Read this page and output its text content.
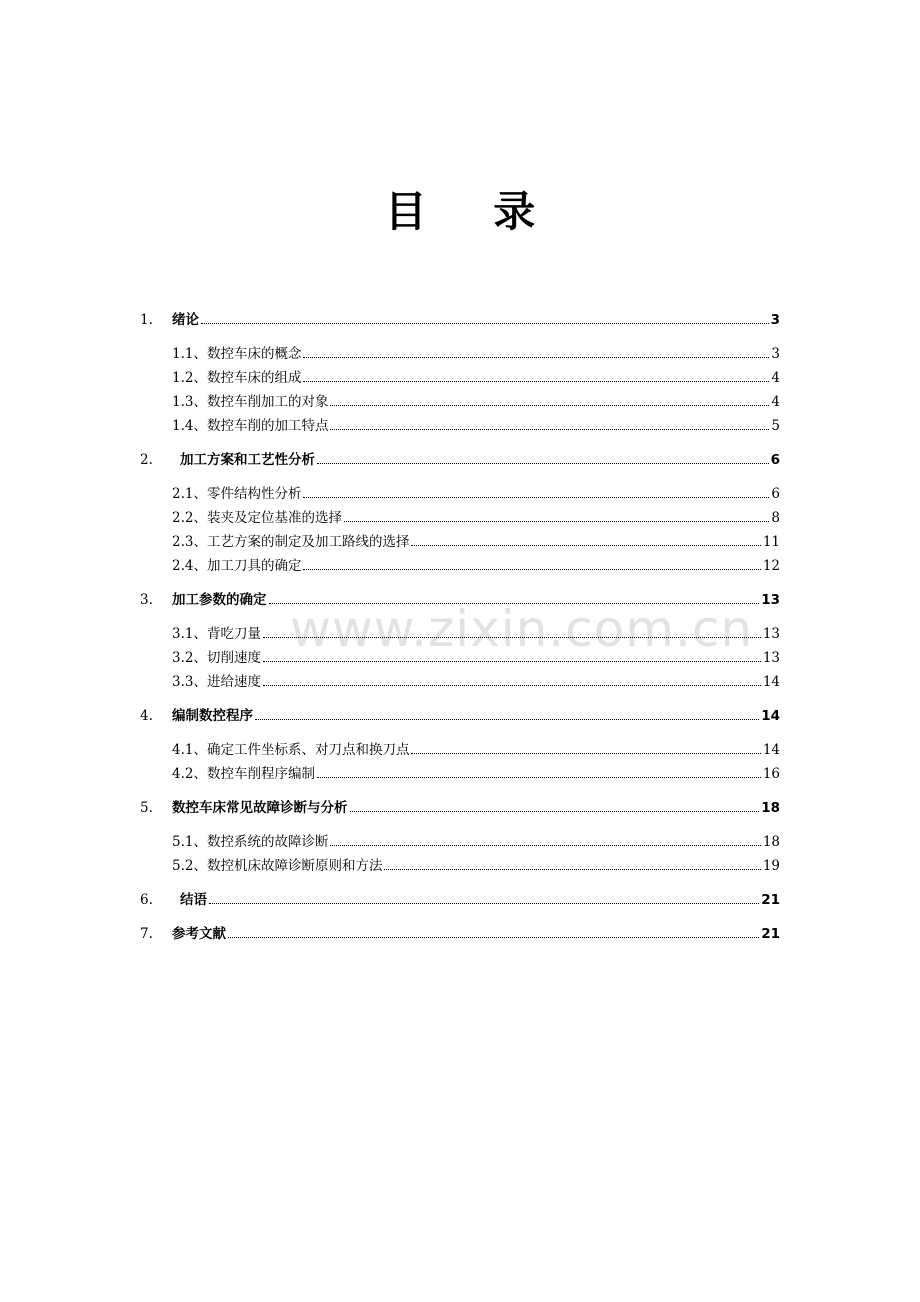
目 录
www.zixin.com.cn
1.	绪论	3
1.1、数控车床的概念	3
1.2、数控车床的组成	4
1.3、数控车削加工的对象	4
1.4、数控车削的加工特点	5
2.	加工方案和工艺性分析	6
2.1、零件结构性分析	6
2.2、装夹及定位基准的选择	8
2.3、工艺方案的制定及加工路线的选择	11
2.4、加工刀具的确定	12
3.	加工参数的确定	13
3.1、背吃刀量	13
3.2、切削速度	13
3.3、进给速度	14
4.	编制数控程序	14
4.1、确定工件坐标系、对刀点和换刀点	14
4.2、数控车削程序编制	16
5.	数控车床常见故障诊断与分析	18
5.1、数控系统的故障诊断	18
5.2、数控机床故障诊断原则和方法	19
6.	结语	21
7.	参考文献	21
